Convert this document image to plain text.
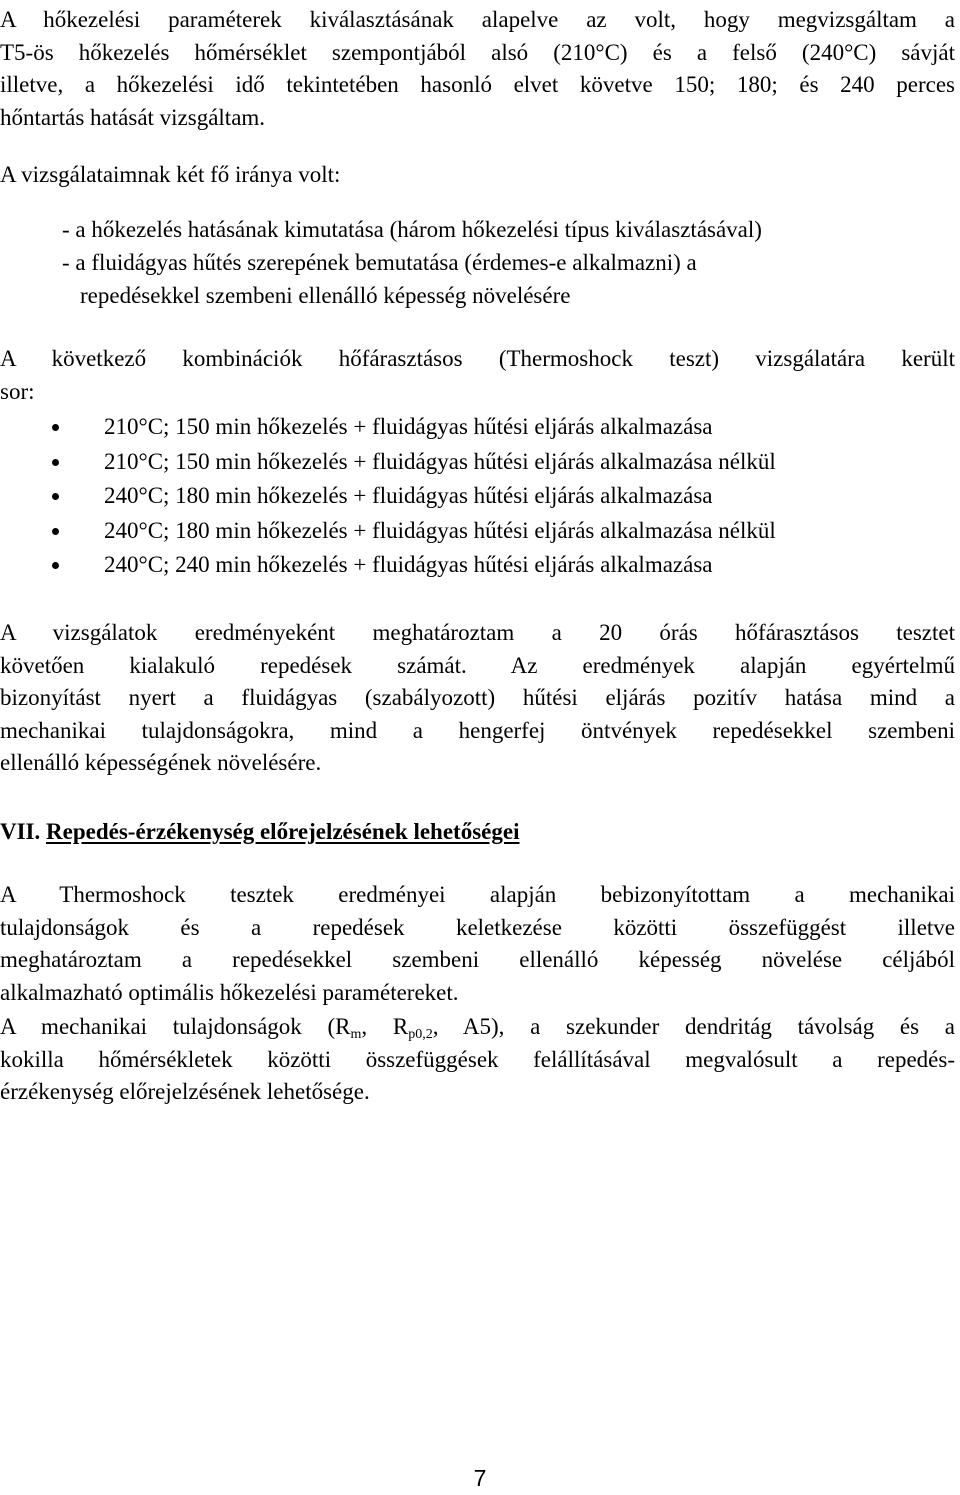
A hőkezelési paraméterek kiválasztásának alapelve az volt, hogy megvizsgáltam a
T5-ös hőkezelés hőmérséklet szempontjából alsó (210°C) és a felső (240°C) sávját
illetve, a hőkezelési idő tekintetében hasonló elvet követve 150; 180; és 240 perces
hőntartás hatását vizsgáltam.

A vizsgálataimnak két fő iránya volt:

- a hőkezelés hatásának kimutatása (három hőkezelési típus kiválasztásával)

- a fluidágyas hűtés szerepének bemutatása (érdemes-e alkalmazni) a

repedésekkel szembeni ellenálló képesség növelésére

A következő kombinációk hőfárasztásos (Thermoshock teszt) vizsgálatára került
sor:

210°C; 150 min hőkezelés + fluidágyas hűtési eljárás alkalmazása
210°C; 150 min hőkezelés + fluidágyas hűtési eljárás alkalmazása nélkül
240°C; 180 min hőkezelés + fluidágyas hűtési eljárás alkalmazása
240°C; 180 min hőkezelés + fluidágyas hűtési eljárás alkalmazása nélkül
240°C; 240 min hőkezelés + fluidágyas hűtési eljárás alkalmazása

A vizsgálatok eredményeként meghatároztam a 20 órás hőfárasztásos tesztet
követően kialakuló repedések számát. Az eredmények alapján egyértelmű
bizonyítást nyert a fluidágyas (szabályozott) hűtési eljárás pozitív hatása mind a
mechanikai tulajdonságokra, mind a hengerfej öntvények repedésekkel szembeni
ellenálló képességének növelésére.

VII. Repedés-érzékenység előrejelzésének lehetőségei

A Thermoshock tesztek eredményei alapján bebizonyítottam a mechanikai
tulajdonságok és a repedések keletkezése közötti összefüggést illetve
meghatároztam a repedésekkel szembeni ellenálló képesség növelése céljából
alkalmazható optimális hőkezelési paramétereket.

A mechanikai tulajdonságok ($R_m$, $R_{p0,2}$, A5), a szekunder dendritág távolság és a
kokilla hőmérsékletek közötti összefüggések felállításával megvalósult a repedés-
érzékenység előrejelzésének lehetősége.

7
